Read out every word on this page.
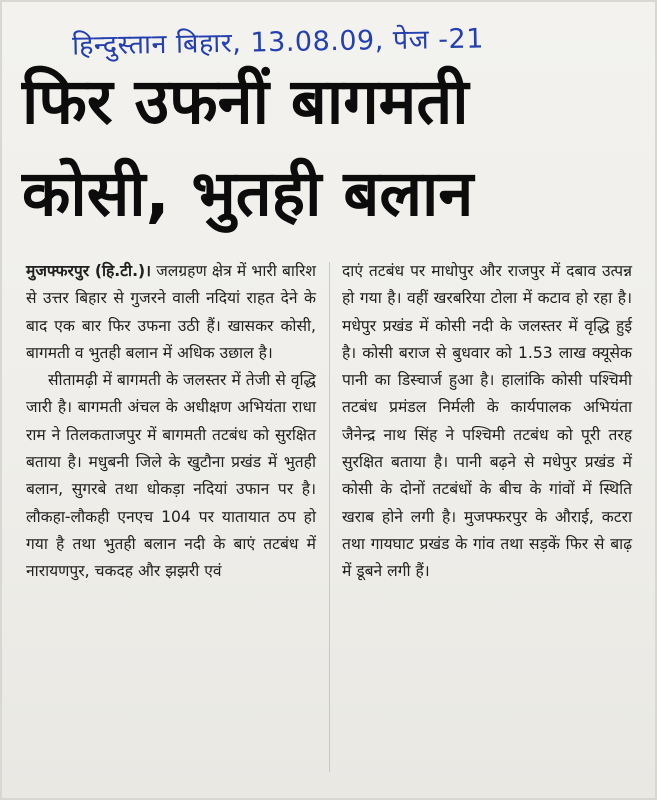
हिन्दुस्तान बिहार, 13.08.09, पेज -21
फिर उफनीं बागमती
कोसी, भुतही बलान

मुजफ्फरपुर (हि.टी.)। जलग्रहण क्षेत्र में भारी बारिश से उत्तर बिहार से गुजरने वाली नदियां राहत देने के बाद एक बार फिर उफना उठी हैं। खासकर कोसी, बागमती व भुतही बलान में अधिक उछाल है।

सीतामढ़ी में बागमती के जलस्तर में तेजी से वृद्धि जारी है। बागमती अंचल के अधीक्षण अभियंता राधा राम ने तिलकताजपुर में बागमती तटबंध को सुरक्षित बताया है। मधुबनी जिले के खुटौना प्रखंड में भुतही बलान, सुगरबे तथा धोकड़ा नदियां उफान पर है। लौकहा-लौकही एनएच 104 पर यातायात ठप हो गया है तथा भुतही बलान नदी के बाएं तटबंध में नारायणपुर, चकदह और झझरी एवं

दाएं तटबंध पर माधोपुर और राजपुर में दबाव उत्पन्न हो गया है। वहीं खरबरिया टोला में कटाव हो रहा है। मधेपुर प्रखंड में कोसी नदी के जलस्तर में वृद्धि हुई है। कोसी बराज से बुधवार को 1.53 लाख क्यूसेक पानी का डिस्चार्ज हुआ है। हालांकि कोसी पश्चिमी तटबंध प्रमंडल निर्मली के कार्यपालक अभियंता जैनेन्द्र नाथ सिंह ने पश्चिमी तटबंध को पूरी तरह सुरक्षित बताया है। पानी बढ़ने से मधेपुर प्रखंड में कोसी के दोनों तटबंधों के बीच के गांवों में स्थिति खराब होने लगी है। मुजफ्फरपुर के औराई, कटरा तथा गायघाट प्रखंड के गांव तथा सड़कें फिर से बाढ़ में डूबने लगी हैं।
